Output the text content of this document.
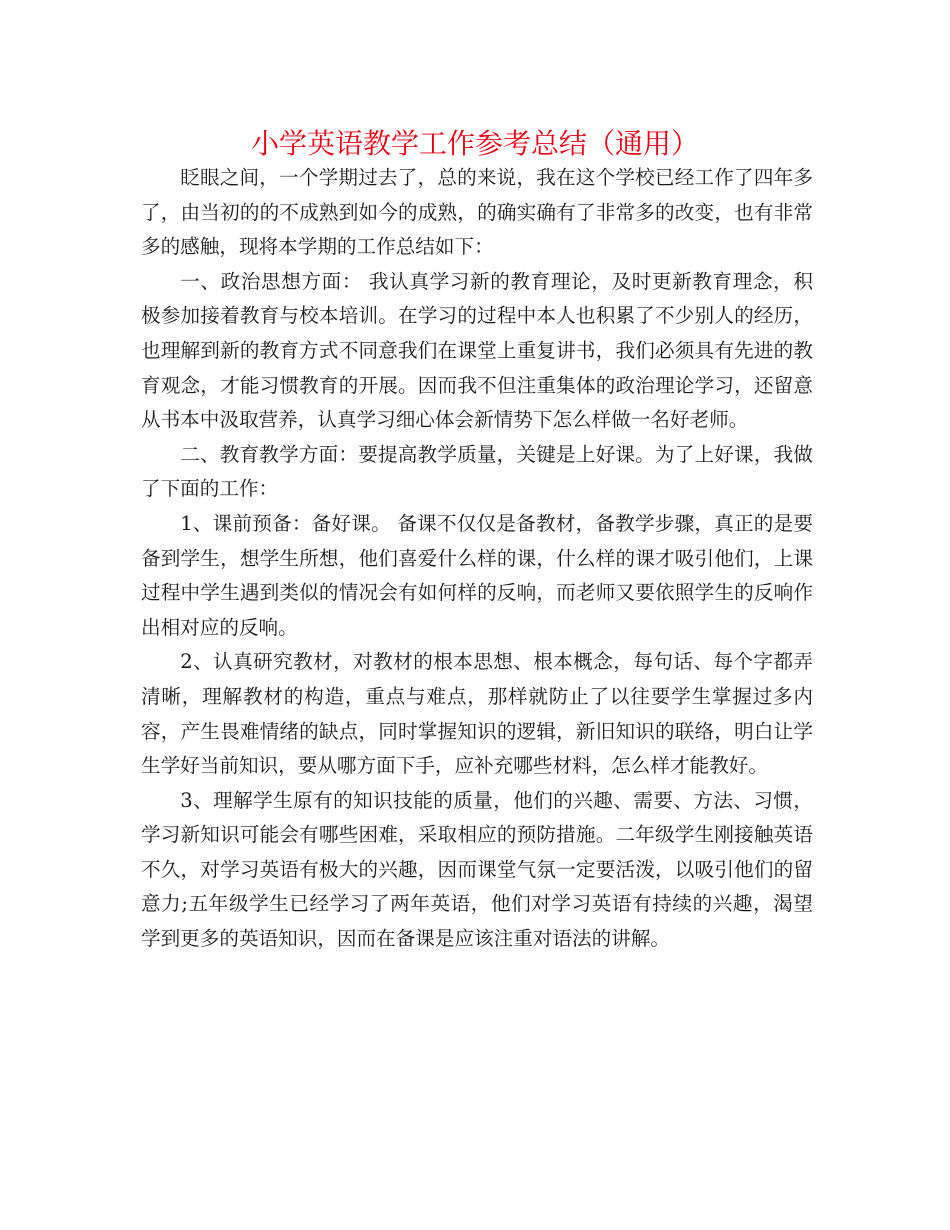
小学英语教学工作参考总结（通用）

眨眼之间，一个学期过去了，总的来说，我在这个学校已经工作了四年多了，由当初的的不成熟到如今的成熟，的确实确有了非常多的改变，也有非常多的感触，现将本学期的工作总结如下：

一、政治思想方面： 我认真学习新的教育理论，及时更新教育理念，积极参加接着教育与校本培训。在学习的过程中本人也积累了不少别人的经历，也理解到新的教育方式不同意我们在课堂上重复讲书，我们必须具有先进的教育观念，才能习惯教育的开展。因而我不但注重集体的政治理论学习，还留意从书本中汲取营养，认真学习细心体会新情势下怎么样做一名好老师。

二、教育教学方面：要提高教学质量，关键是上好课。为了上好课，我做了下面的工作：

1、课前预备：备好课。 备课不仅仅是备教材，备教学步骤，真正的是要备到学生，想学生所想，他们喜爱什么样的课，什么样的课才吸引他们，上课过程中学生遇到类似的情况会有如何样的反响，而老师又要依照学生的反响作出相对应的反响。

2、认真研究教材，对教材的根本思想、根本概念，每句话、每个字都弄清晰，理解教材的构造，重点与难点，那样就防止了以往要学生掌握过多内容，产生畏难情绪的缺点，同时掌握知识的逻辑，新旧知识的联络，明白让学生学好当前知识，要从哪方面下手，应补充哪些材料，怎么样才能教好。

3、理解学生原有的知识技能的质量，他们的兴趣、需要、方法、习惯，学习新知识可能会有哪些困难，采取相应的预防措施。二年级学生刚接触英语不久，对学习英语有极大的兴趣，因而课堂气氛一定要活泼，以吸引他们的留意力;五年级学生已经学习了两年英语，他们对学习英语有持续的兴趣，渴望学到更多的英语知识，因而在备课是应该注重对语法的讲解。
